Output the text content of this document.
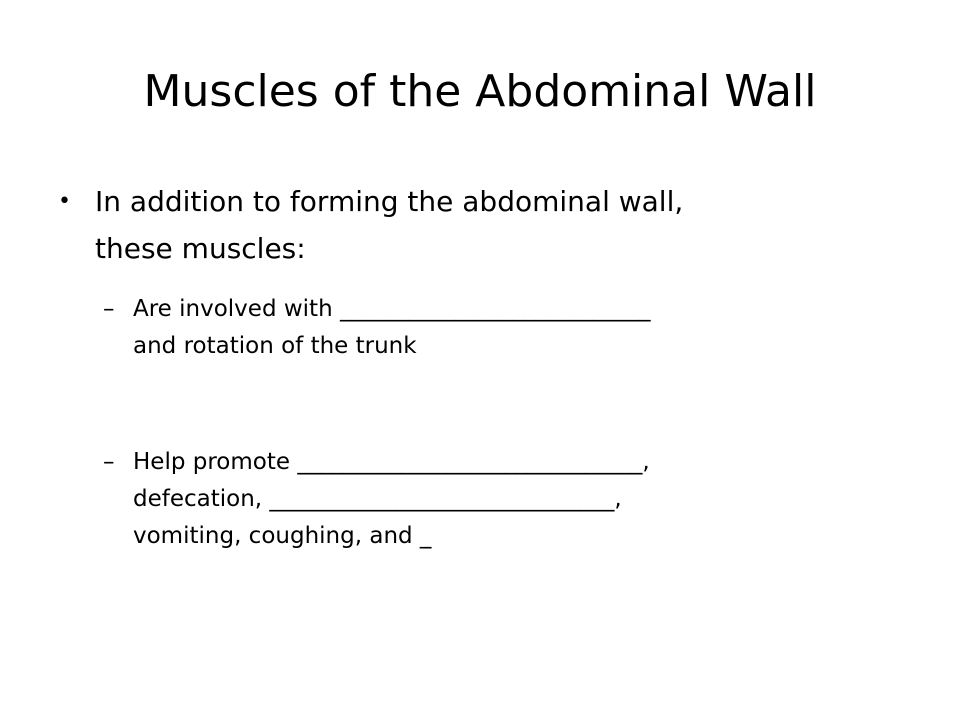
Muscles of the Abdominal Wall
• In addition to forming the abdominal wall,
these muscles:
– Are involved with ___________________________
and rotation of the trunk
– Help promote ______________________________,
defecation, ______________________________,
vomiting, coughing, and _
